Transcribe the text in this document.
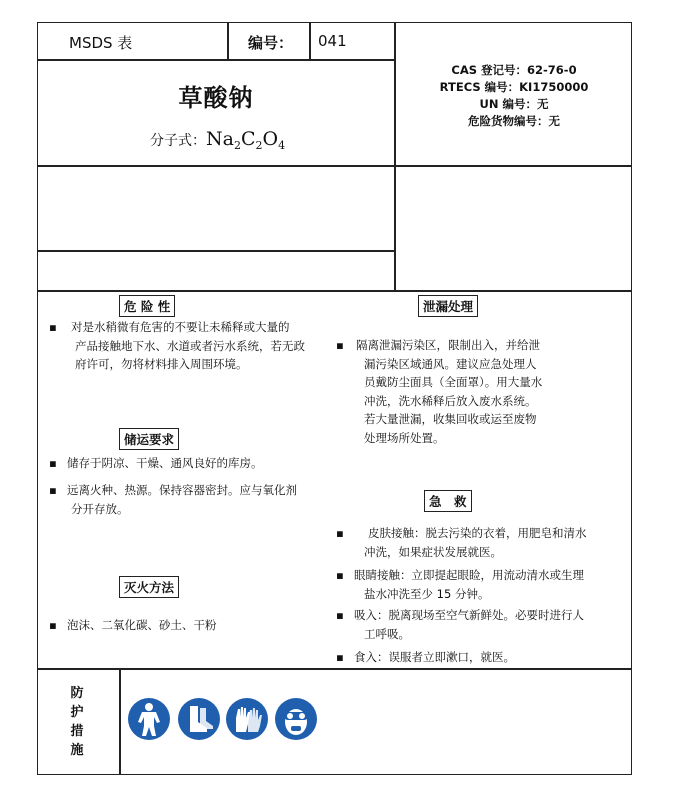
MSDS 表	编号： 041
草酸钠
分子式：$Na_2C_2O_4$
CAS 登记号：62-76-0
RTECS 编号：KI1750000
UN 编号：无
危险货物编号：无
危 险 性
▪	对是水稍微有危害的不要让未稀释或大量的
产品接触地下水、水道或者污水系统，若无政
府许可，勿将材料排入周围环境。
储运要求
▪ 储存于阴凉、干燥、通风良好的库房。
▪ 远离火种、热源。保持容器密封。应与氧化剂
分开存放。
灭火方法
▪ 泡沫、二氧化碳、砂土、干粉
泄漏处理
▪	隔离泄漏污染区，限制出入，并给泄
漏污染区域通风。建议应急处理人
员戴防尘面具（全面罩）。用大量水
冲洗，洗水稀释后放入废水系统。
若大量泄漏，收集回收或运至废物
处理场所处置。
急　救
▪	皮肤接触：脱去污染的衣着，用肥皂和清水
冲洗，如果症状发展就医。
▪ 眼睛接触：立即提起眼睑，用流动清水或生理
盐水冲洗至少 15 分钟。
▪ 吸入：脱离现场至空气新鲜处。必要时进行人
工呼吸。
▪ 食入：误服者立即漱口，就医。
防
护
措
施
